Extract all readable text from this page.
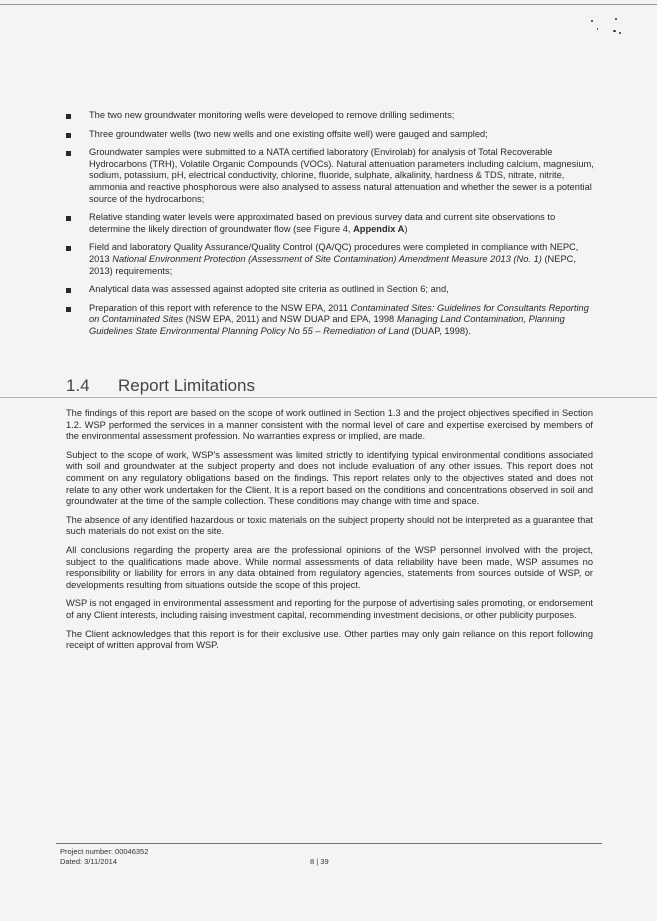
The two new groundwater monitoring wells were developed to remove drilling sediments;
Three groundwater wells (two new wells and one existing offsite well) were gauged and sampled;
Groundwater samples were submitted to a NATA certified laboratory (Envirolab) for analysis of Total Recoverable Hydrocarbons (TRH), Volatile Organic Compounds (VOCs). Natural attenuation parameters including calcium, magnesium, sodium, potassium, pH, electrical conductivity, chlorine, fluoride, sulphate, alkalinity, hardness & TDS, nitrate, nitrite, ammonia and reactive phosphorous were also analysed to assess natural attenuation and whether the sewer is a potential source of the hydrocarbons;
Relative standing water levels were approximated based on previous survey data and current site observations to determine the likely direction of groundwater flow (see Figure 4, Appendix A)
Field and laboratory Quality Assurance/Quality Control (QA/QC) procedures were completed in compliance with NEPC, 2013 National Environment Protection (Assessment of Site Contamination) Amendment Measure 2013 (No. 1) (NEPC, 2013) requirements;
Analytical data was assessed against adopted site criteria as outlined in Section 6; and,
Preparation of this report with reference to the NSW EPA, 2011 Contaminated Sites: Guidelines for Consultants Reporting on Contaminated Sites (NSW EPA, 2011) and NSW DUAP and EPA, 1998 Managing Land Contamination, Planning Guidelines State Environmental Planning Policy No 55 – Remediation of Land (DUAP, 1998).
1.4 Report Limitations

The findings of this report are based on the scope of work outlined in Section 1.3 and the project objectives specified in Section 1.2. WSP performed the services in a manner consistent with the normal level of care and expertise exercised by members of the environmental assessment profession. No warranties express or implied, are made.

Subject to the scope of work, WSP's assessment was limited strictly to identifying typical environmental conditions associated with soil and groundwater at the subject property and does not include evaluation of any other issues. This report does not comment on any regulatory obligations based on the findings. This report relates only to the objectives stated and does not relate to any other work undertaken for the Client. It is a report based on the conditions and concentrations observed in soil and groundwater at the time of the sample collection. These conditions may change with time and space.

The absence of any identified hazardous or toxic materials on the subject property should not be interpreted as a guarantee that such materials do not exist on the site.

All conclusions regarding the property area are the professional opinions of the WSP personnel involved with the project, subject to the qualifications made above. While normal assessments of data reliability have been made, WSP assumes no responsibility or liability for errors in any data obtained from regulatory agencies, statements from sources outside of WSP, or developments resulting from situations outside the scope of this project.

WSP is not engaged in environmental assessment and reporting for the purpose of advertising sales promoting, or endorsement of any Client interests, including raising investment capital, recommending investment decisions, or other publicity purposes.

The Client acknowledges that this report is for their exclusive use. Other parties may only gain reliance on this report following receipt of written approval from WSP.

Project number: 00046352
Dated: 3/11/2014	8 | 39
